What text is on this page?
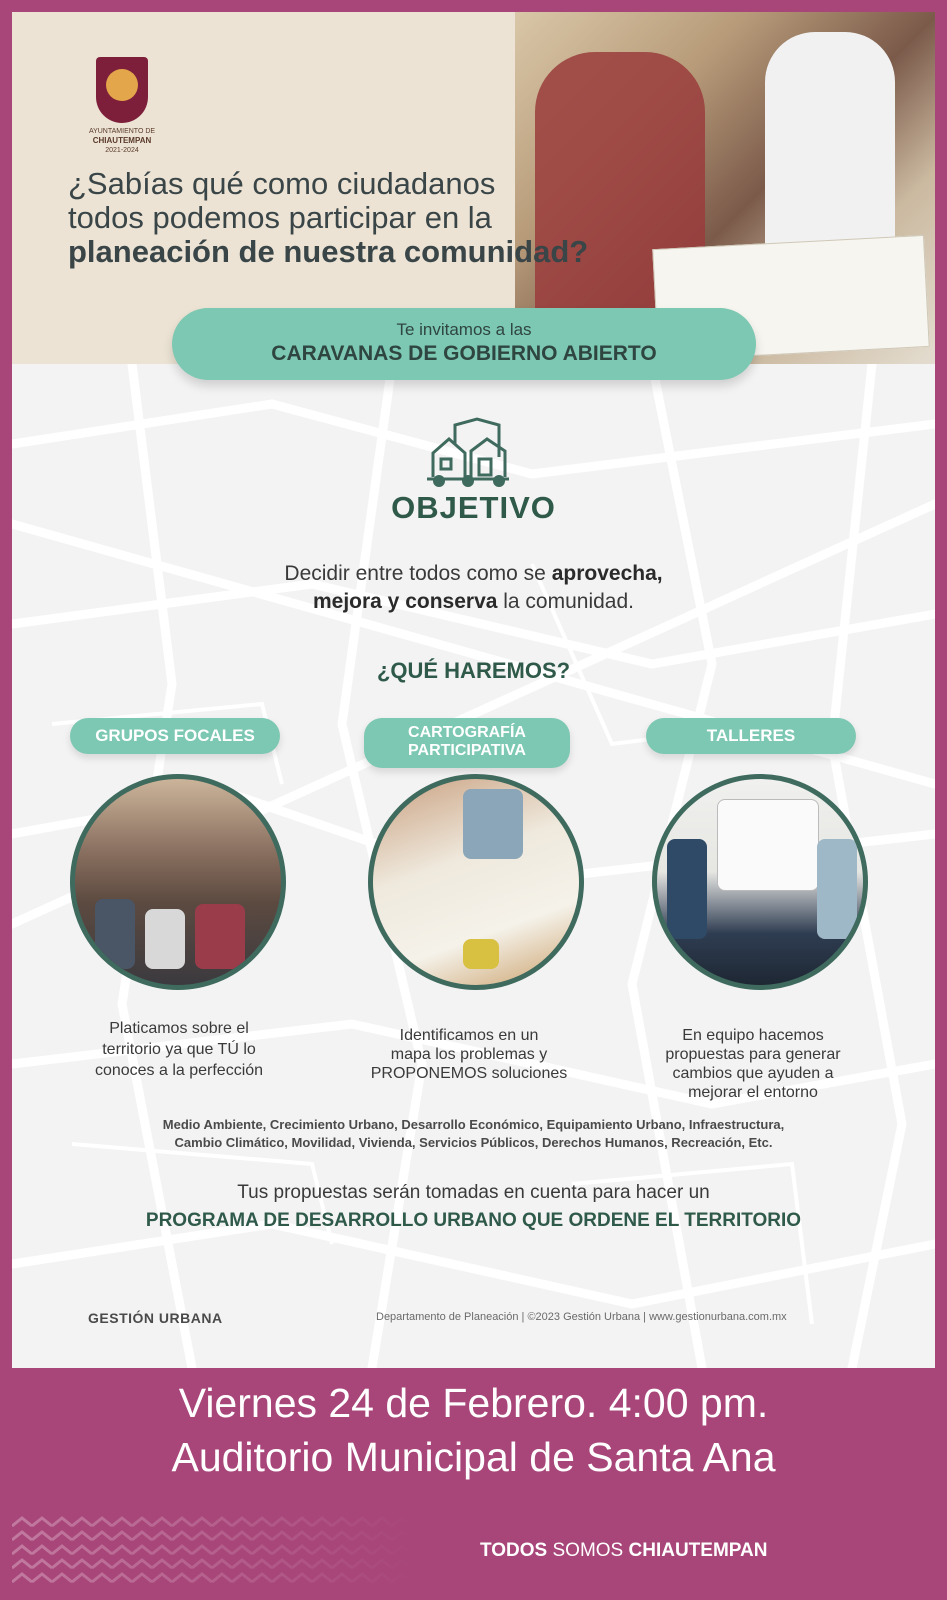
AYUNTAMIENTO DE
CHIAUTEMPAN
2021-2024
¿Sabías qué como ciudadanos
todos podemos participar en la
planeación de nuestra comunidad?
Te invitamos a las
CARAVANAS DE GOBIERNO ABIERTO
OBJETIVO
Decidir entre todos como se aprovecha,
mejora y conserva la comunidad.
¿QUÉ HAREMOS?
GRUPOS FOCALES	CARTOGRAFÍA
PARTICIPATIVA
TALLERES
Platicamos sobre el
territorio ya que TÚ lo
conoces a la perfección
Identificamos en un
mapa los problemas y
PROPONEMOS soluciones
En equipo hacemos
propuestas para generar
cambios que ayuden a
mejorar el entorno
Medio Ambiente, Crecimiento Urbano, Desarrollo Económico, Equipamiento Urbano, Infraestructura,
Cambio Climático, Movilidad, Vivienda, Servicios Públicos, Derechos Humanos, Recreación, Etc.
Tus propuestas serán tomadas en cuenta para hacer un
PROGRAMA DE DESARROLLO URBANO QUE ORDENE EL TERRITORIO
GESTIÓN URBANA	Departamento de Planeación | ©2023 Gestión Urbana | www.gestionurbana.com.mx
Viernes 24 de Febrero. 4:00 pm.
Auditorio Municipal de Santa Ana
TODOS SOMOS CHIAUTEMPAN
